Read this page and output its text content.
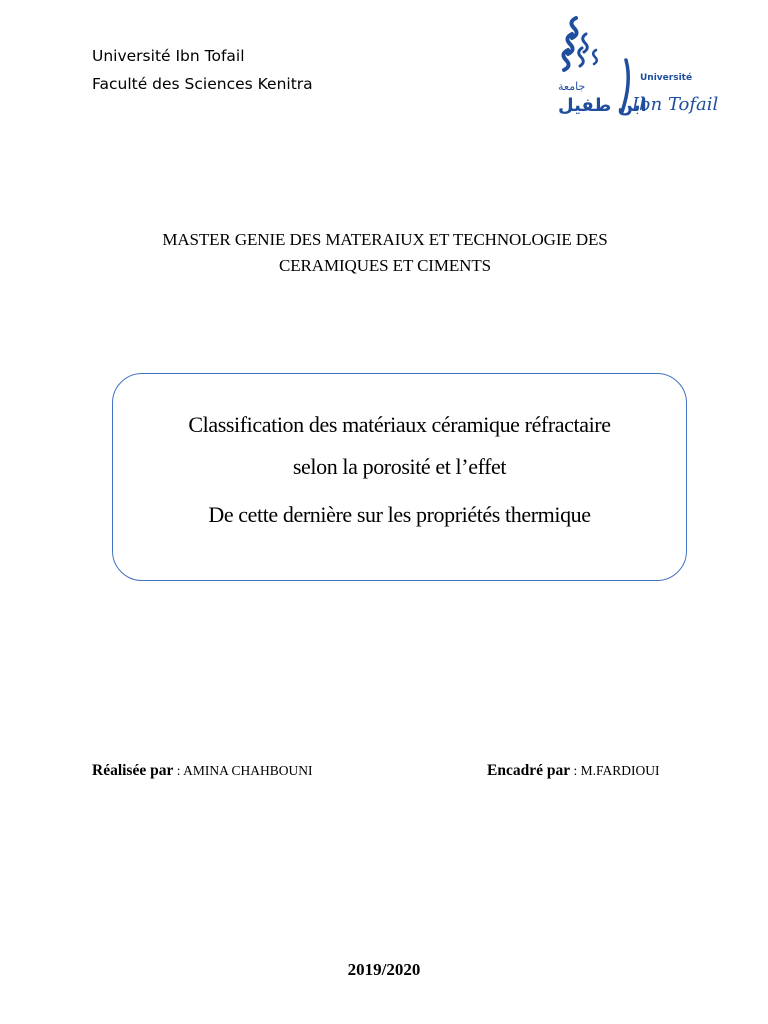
Université Ibn Tofail
Faculté des Sciences Kenitra	جامعة
ابن طفيل
Université
Ibn Tofail
MASTER GENIE DES MATERAIUX ET TECHNOLOGIE DES
CERAMIQUES ET CIMENTS
Classification des matériaux céramique réfractaire
selon la porosité et l’effet
De cette dernière sur les propriétés thermique
Réalisée par : AMINA CHAHBOUNI	Encadré par : M.FARDIOUI
2019/2020
